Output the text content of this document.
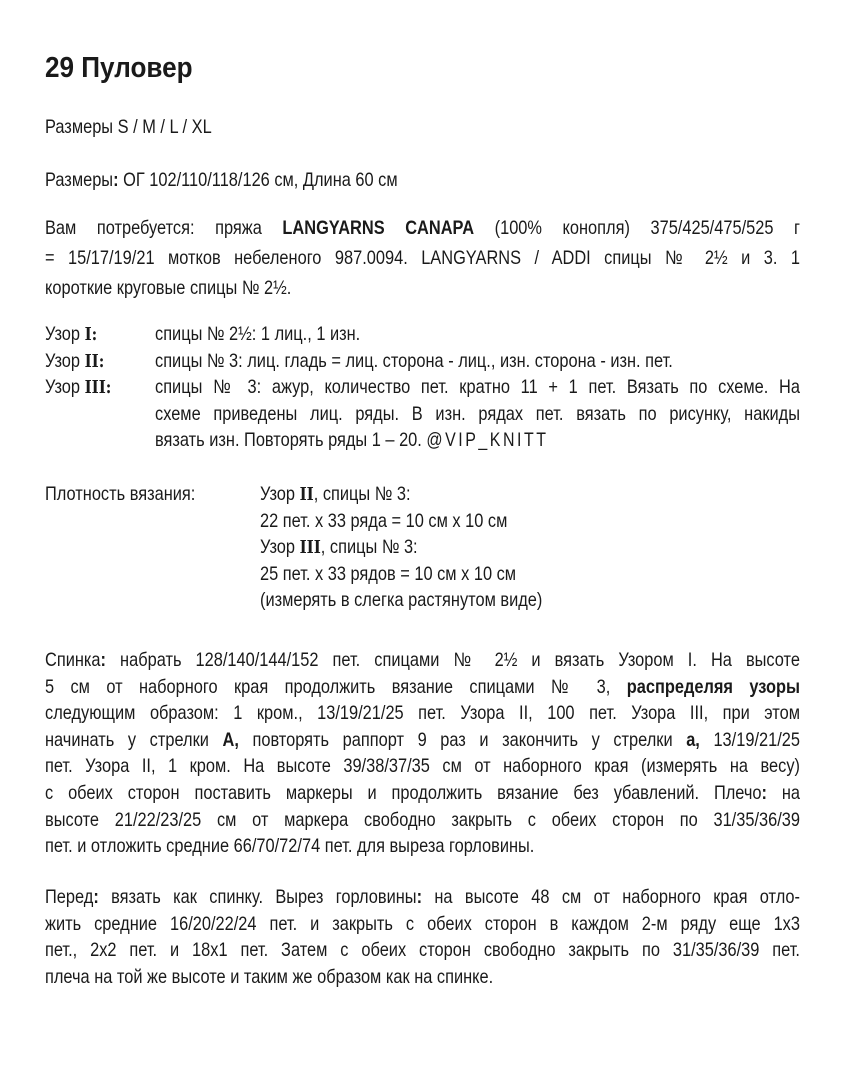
29 Пуловер
Размеры S / M / L / XL
Размеры: ОГ 102/110/118/126 см, Длина 60 см
Вам потребуется: пряжа LANGYARNS CANAPA (100% конопля) 375/425/475/525 г
= 15/17/19/21 мотков небеленого 987.0094. LANGYARNS / ADDI спицы № 2½ и 3. 1
короткие круговые спицы № 2½.
Узор I:	спицы № 2½: 1 лиц., 1 изн.
Узор II:	спицы № 3: лиц. гладь = лиц. сторона - лиц., изн. сторона - изн. пет.
Узор III: спицы № 3: ажур, количество пет. кратно 11 + 1 пет. Вязать по схеме. На
схеме приведены лиц. ряды. В изн. рядах пет. вязать по рисунку, накиды
вязать изн. Повторять ряды 1 – 20. @VIP_KNITT
Плотность вязания:	Узор II, спицы № 3:
22 пет. x 33 ряда = 10 см x 10 см
Узор III, спицы № 3:
25 пет. x 33 рядов = 10 см x 10 см
(измерять в слегка растянутом виде)
Спинка: набрать 128/140/144/152 пет. спицами № 2½ и вязать Узором I. На высоте
5 см от наборного края продолжить вязание спицами № 3, распределяя узоры
следующим образом: 1 кром., 13/19/21/25 пет. Узора II, 100 пет. Узора III, при этом
начинать у стрелки A, повторять раппорт 9 раз и закончить у стрелки a, 13/19/21/25
пет. Узора II, 1 кром. На высоте 39/38/37/35 см от наборного края (измерять на весу)
с обеих сторон поставить маркеры и продолжить вязание без убавлений. Плечо: на
высоте 21/22/23/25 см от маркера свободно закрыть с обеих сторон по 31/35/36/39
пет. и отложить средние 66/70/72/74 пет. для выреза горловины.
Перед: вязать как спинку. Вырез горловины: на высоте 48 см от наборного края отло-
жить средние 16/20/22/24 пет. и закрыть с обеих сторон в каждом 2-м ряду еще 1x3
пет., 2x2 пет. и 18x1 пет. Затем с обеих сторон свободно закрыть по 31/35/36/39 пет.
плеча на той же высоте и таким же образом как на спинке.
